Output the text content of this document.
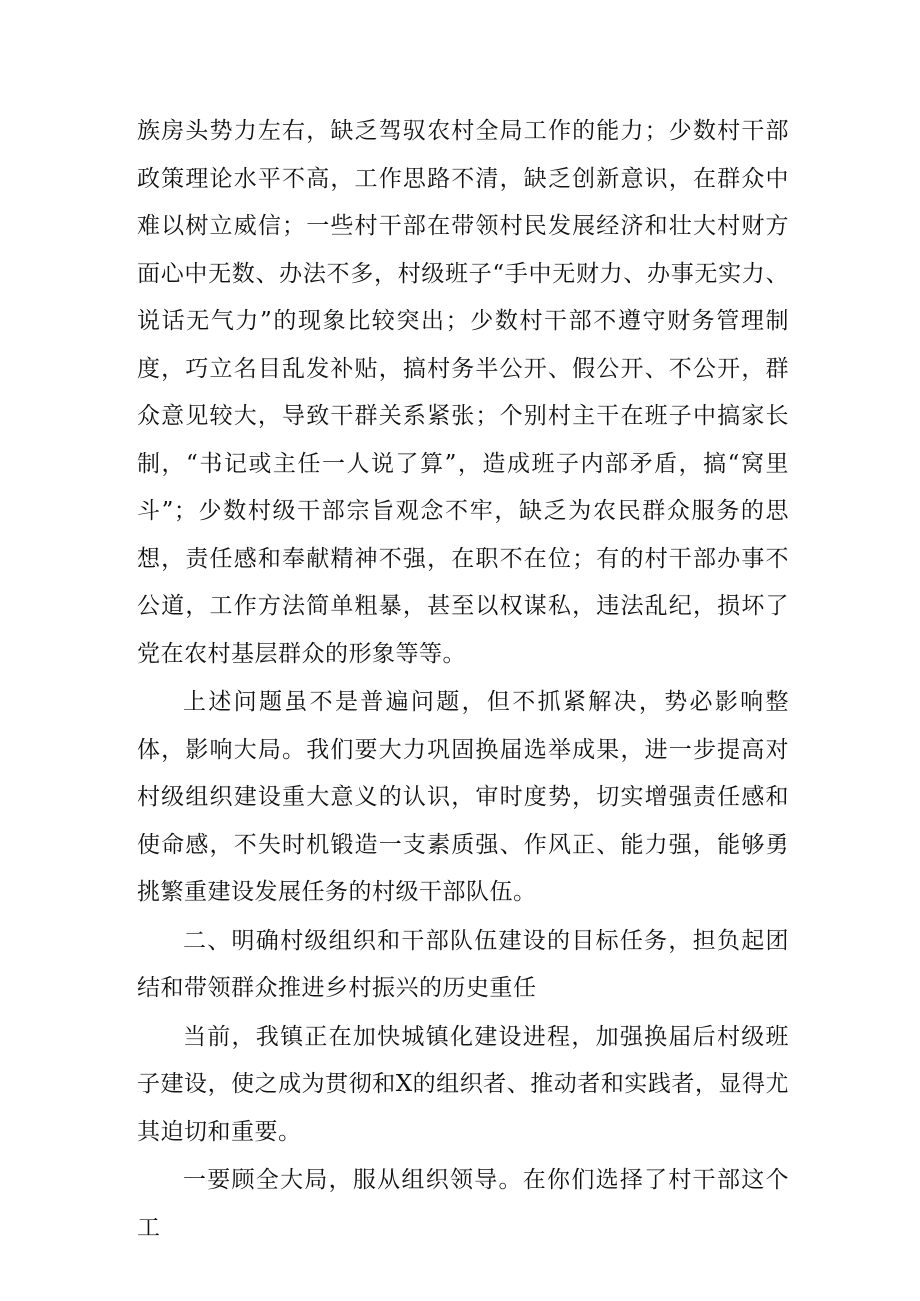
族房头势力左右，缺乏驾驭农村全局工作的能力；少数村干部政策理论水平不高，工作思路不清，缺乏创新意识，在群众中难以树立威信；一些村干部在带领村民发展经济和壮大村财方面心中无数、办法不多，村级班子“手中无财力、办事无实力、说话无气力”的现象比较突出；少数村干部不遵守财务管理制度，巧立名目乱发补贴，搞村务半公开、假公开、不公开，群众意见较大，导致干群关系紧张；个别村主干在班子中搞家长制，“书记或主任一人说了算”，造成班子内部矛盾，搞“窝里斗”；少数村级干部宗旨观念不牢，缺乏为农民群众服务的思想，责任感和奉献精神不强，在职不在位；有的村干部办事不公道，工作方法简单粗暴，甚至以权谋私，违法乱纪，损坏了党在农村基层群众的形象等等。

上述问题虽不是普遍问题，但不抓紧解决，势必影响整体，影响大局。我们要大力巩固换届选举成果，进一步提高对村级组织建设重大意义的认识，审时度势，切实增强责任感和使命感，不失时机锻造一支素质强、作风正、能力强，能够勇挑繁重建设发展任务的村级干部队伍。

二、明确村级组织和干部队伍建设的目标任务，担负起团结和带领群众推进乡村振兴的历史重任

当前，我镇正在加快城镇化建设进程，加强换届后村级班子建设，使之成为贯彻和X的组织者、推动者和实践者，显得尤其迫切和重要。

一要顾全大局，服从组织领导。在你们选择了村干部这个工
